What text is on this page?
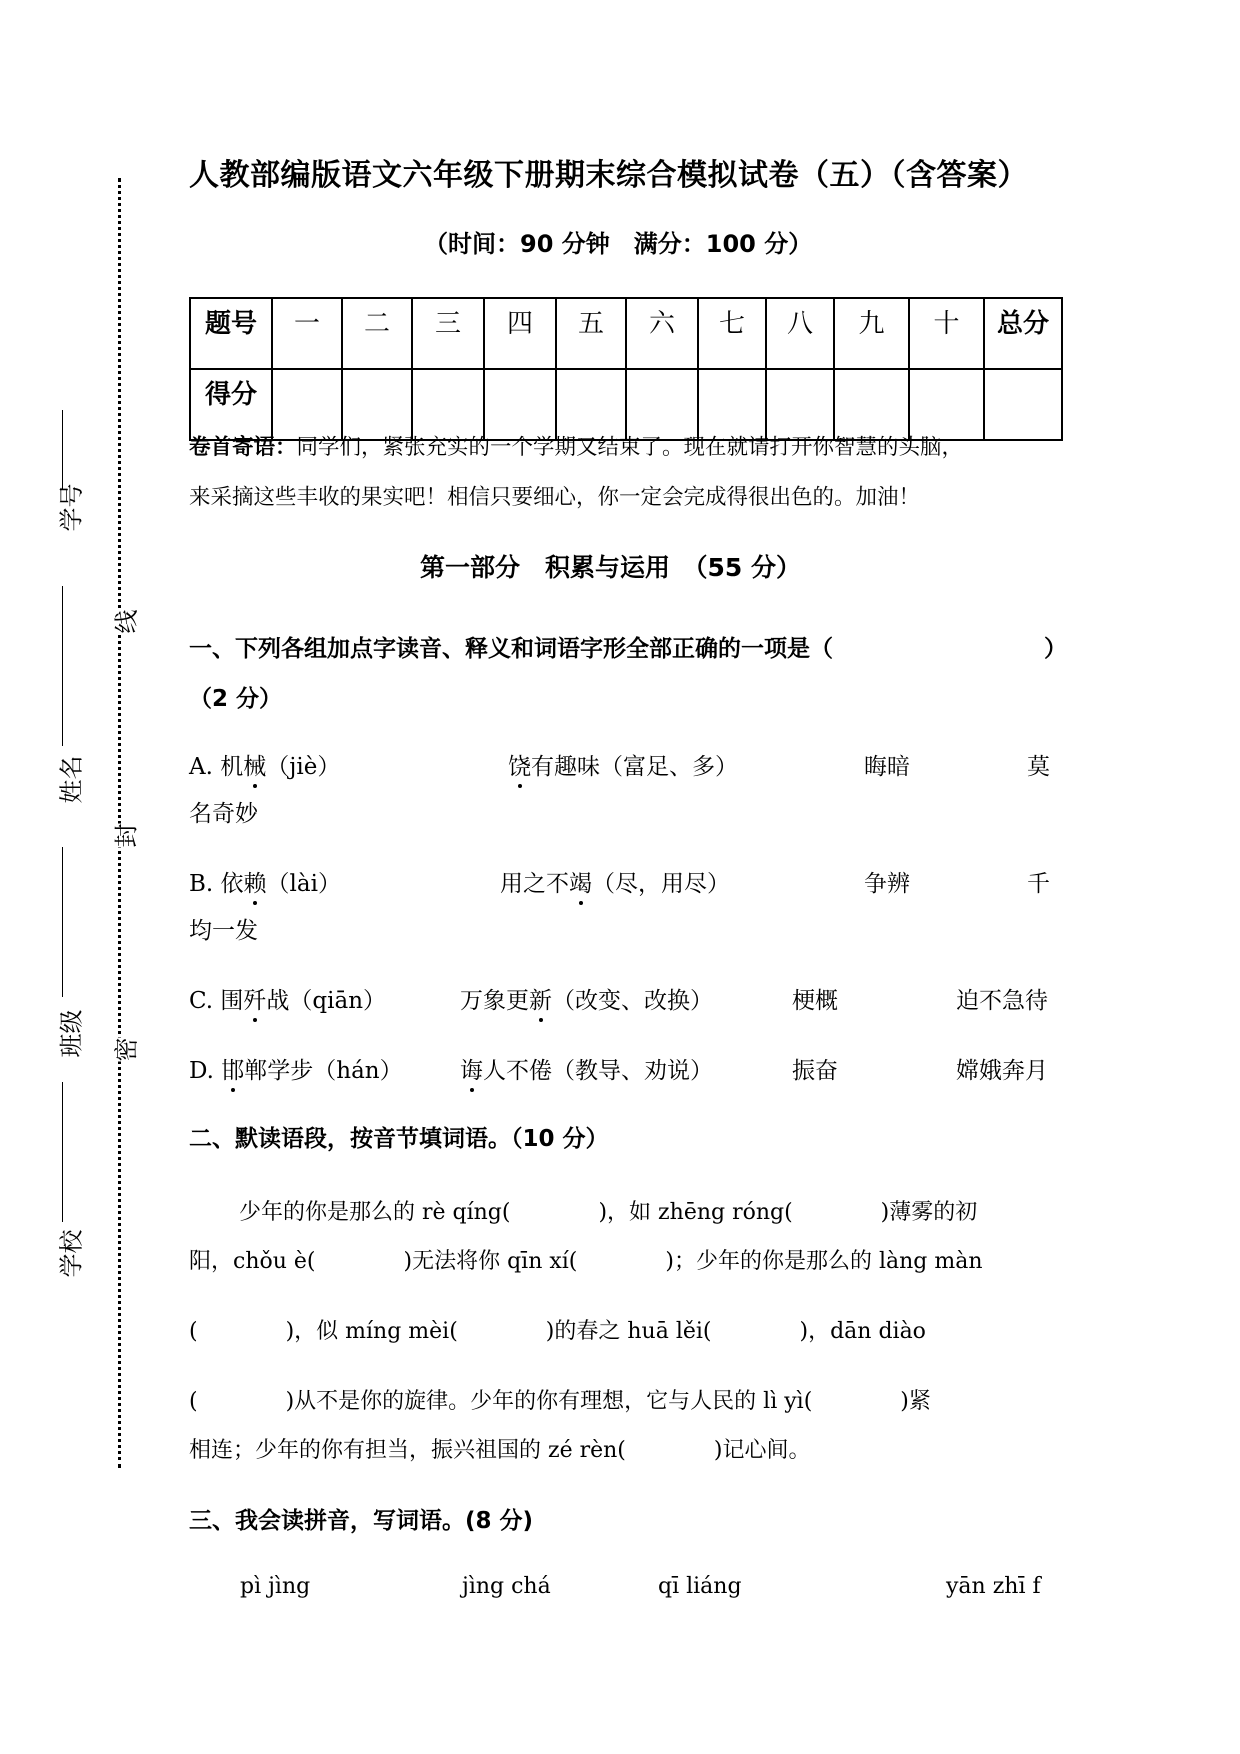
学号
姓名
班级
学校
线
封
密
人教部编版语文六年级下册期末综合模拟试卷（五）（含答案）
（时间：90 分钟　满分：100 分）
题号	一	二	三	四	五	六	七	八	九	十	总分
得分											
卷首寄语：同学们，紧张充实的一个学期又结束了。现在就请打开你智慧的头脑，
来采摘这些丰收的果实吧！相信只要细心，你一定会完成得很出色的。加油！
第一部分　积累与运用　（55 分）
一、下列各组加点字读音、释义和词语字形全部正确的一项是（	）
（2 分）
A. 机械（jiè）	饶有趣味（富足、多）	晦暗	莫
名奇妙
B. 依赖（lài）	用之不竭（尽，用尽）	争辨	千
均一发
C. 围歼战（qiān）	万象更新（改变、改换）	梗概	迫不急待
D. 邯郸学步（hán） 诲人不倦（教导、劝说）	振奋	嫦娥奔月
二、默读语段，按音节填词语。（10 分）
少年的你是那么的 rè qíng(　　　　)，如 zhēng róng(　　　　)薄雾的初
阳，chǒu è(　　　　)无法将你 qīn xí(　　　　)；少年的你是那么的 làng màn
(　　　　)，似 míng mèi(　　　　)的春之 huā lěi(　　　　)，dān diào
(　　　　)从不是你的旋律。少年的你有理想，它与人民的 lì yì(　　　　)紧
相连；少年的你有担当，振兴祖国的 zé rèn(　　　　)记心间。
三、我会读拼音，写词语。(8 分)
pì jìng	jìng chá	qī liáng	yān zhī f
